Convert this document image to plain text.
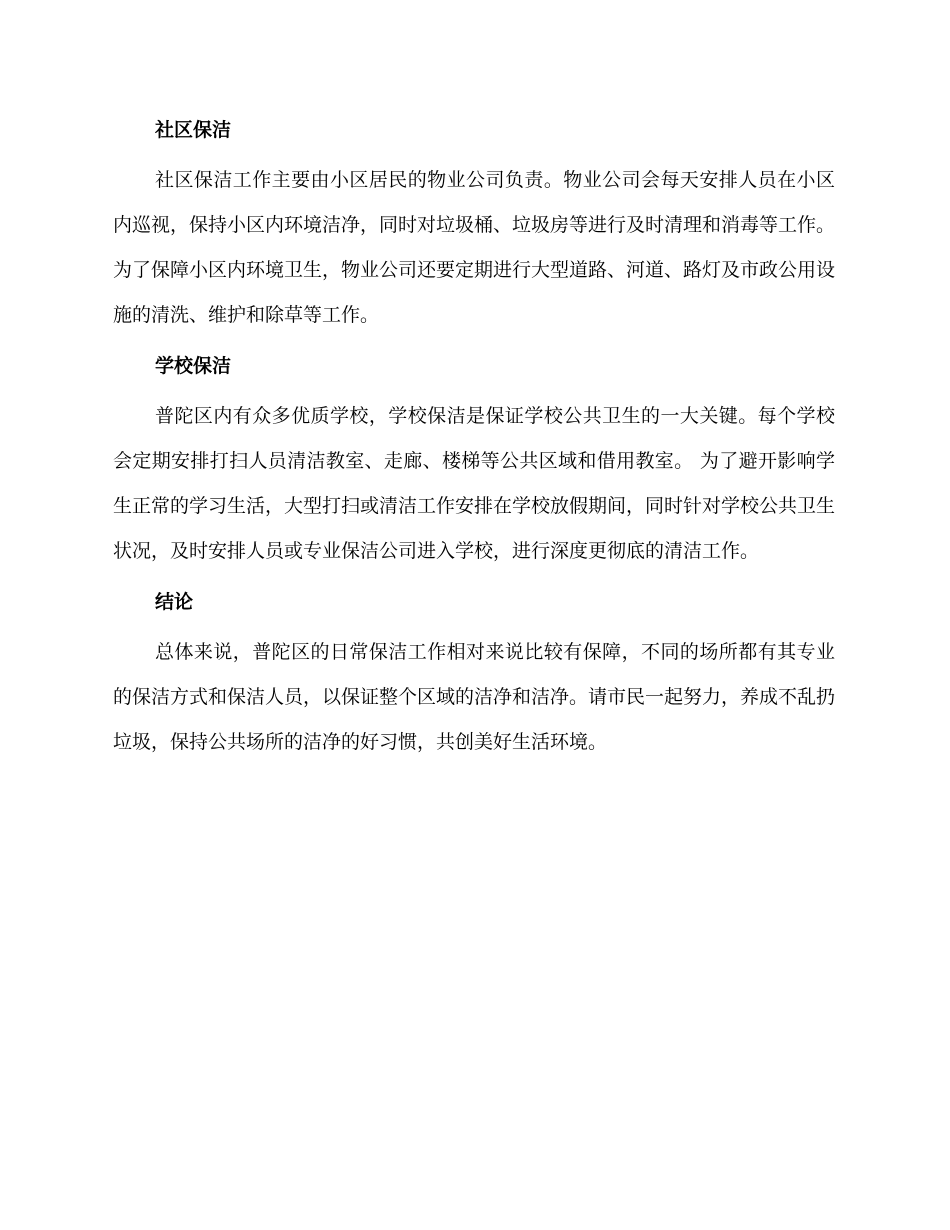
社区保洁

社区保洁工作主要由小区居民的物业公司负责。物业公司会每天安排人员在小区内巡视，保持小区内环境洁净，同时对垃圾桶、垃圾房等进行及时清理和消毒等工作。为了保障小区内环境卫生，物业公司还要定期进行大型道路、河道、路灯及市政公用设施的清洗、维护和除草等工作。

学校保洁

普陀区内有众多优质学校，学校保洁是保证学校公共卫生的一大关键。每个学校会定期安排打扫人员清洁教室、走廊、楼梯等公共区域和借用教室。 为了避开影响学生正常的学习生活，大型打扫或清洁工作安排在学校放假期间，同时针对学校公共卫生状况，及时安排人员或专业保洁公司进入学校，进行深度更彻底的清洁工作。

结论

总体来说，普陀区的日常保洁工作相对来说比较有保障，不同的场所都有其专业的保洁方式和保洁人员，以保证整个区域的洁净和洁净。请市民一起努力，养成不乱扔垃圾，保持公共场所的洁净的好习惯，共创美好生活环境。
